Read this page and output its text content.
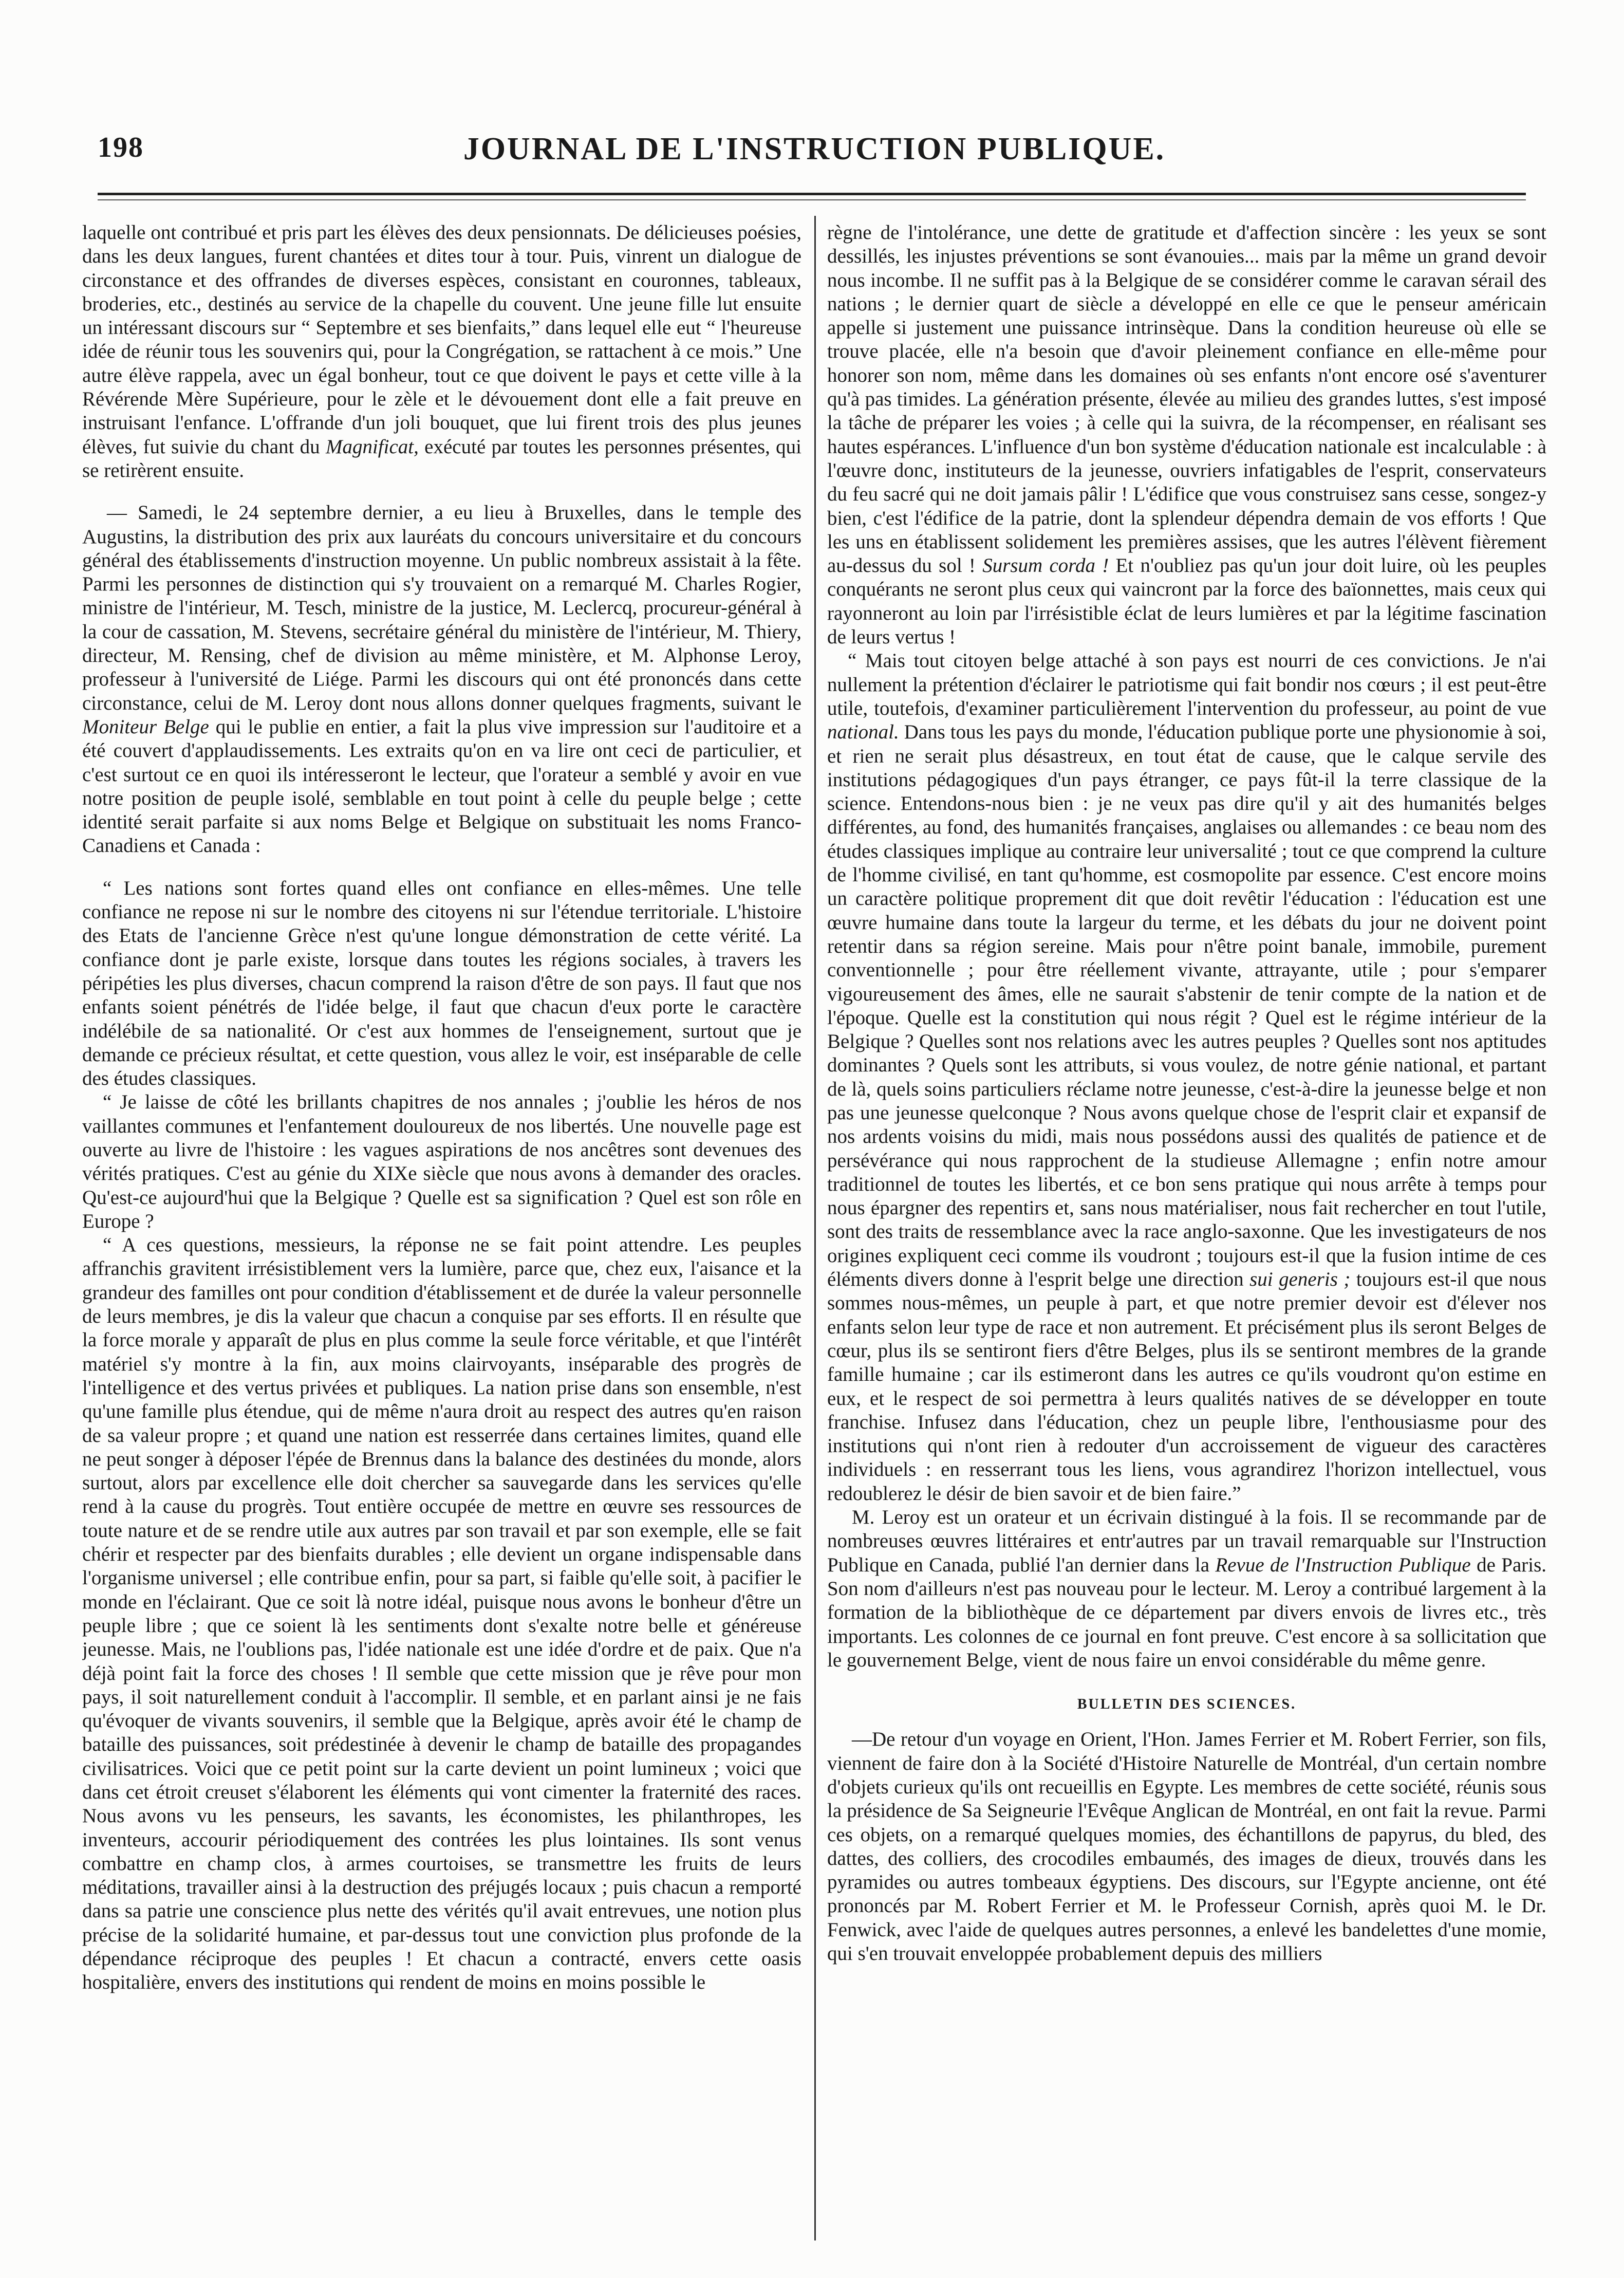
198	JOURNAL DE L'INSTRUCTION PUBLIQUE.

laquelle ont contribué et pris part les élèves des deux pensionnats. De délicieuses poésies, dans les deux langues, furent chantées et dites tour à tour. Puis, vinrent un dialogue de circonstance et des offrandes de diverses espèces, consistant en couronnes, tableaux, broderies, etc., destinés au service de la chapelle du couvent. Une jeune fille lut ensuite un intéressant discours sur “ Septembre et ses bienfaits,” dans lequel elle eut “ l'heureuse idée de réunir tous les souvenirs qui, pour la Congrégation, se rattachent à ce mois.” Une autre élève rappela, avec un égal bonheur, tout ce que doivent le pays et cette ville à la Révérende Mère Supérieure, pour le zèle et le dévouement dont elle a fait preuve en instruisant l'enfance. L'offrande d'un joli bouquet, que lui firent trois des plus jeunes élèves, fut suivie du chant du Magnificat, exécuté par toutes les personnes présentes, qui se retirèrent ensuite.

— Samedi, le 24 septembre dernier, a eu lieu à Bruxelles, dans le temple des Augustins, la distribution des prix aux lauréats du concours universitaire et du concours général des établissements d'instruction moyenne. Un public nombreux assistait à la fête. Parmi les personnes de distinction qui s'y trouvaient on a remarqué M. Charles Rogier, ministre de l'intérieur, M. Tesch, ministre de la justice, M. Leclercq, procureur-général à la cour de cassation, M. Stevens, secrétaire général du ministère de l'intérieur, M. Thiery, directeur, M. Rensing, chef de division au même ministère, et M. Alphonse Leroy, professeur à l'université de Liége. Parmi les discours qui ont été prononcés dans cette circonstance, celui de M. Leroy dont nous allons donner quelques fragments, suivant le Moniteur Belge qui le publie en entier, a fait la plus vive impression sur l'auditoire et a été couvert d'applaudissements. Les extraits qu'on en va lire ont ceci de particulier, et c'est surtout ce en quoi ils intéresseront le lecteur, que l'orateur a semblé y avoir en vue notre position de peuple isolé, semblable en tout point à celle du peuple belge ; cette identité serait parfaite si aux noms Belge et Belgique on substituait les noms Franco-Canadiens et Canada :

“ Les nations sont fortes quand elles ont confiance en elles-mêmes. Une telle confiance ne repose ni sur le nombre des citoyens ni sur l'étendue territoriale. L'histoire des Etats de l'ancienne Grèce n'est qu'une longue démonstration de cette vérité. La confiance dont je parle existe, lorsque dans toutes les régions sociales, à travers les péripéties les plus diverses, chacun comprend la raison d'être de son pays. Il faut que nos enfants soient pénétrés de l'idée belge, il faut que chacun d'eux porte le caractère indélébile de sa nationalité. Or c'est aux hommes de l'enseignement, surtout que je demande ce précieux résultat, et cette question, vous allez le voir, est inséparable de celle des études classiques.

“ Je laisse de côté les brillants chapitres de nos annales ; j'oublie les héros de nos vaillantes communes et l'enfantement douloureux de nos libertés. Une nouvelle page est ouverte au livre de l'histoire : les vagues aspirations de nos ancêtres sont devenues des vérités pratiques. C'est au génie du XIXe siècle que nous avons à demander des oracles. Qu'est-ce aujourd'hui que la Belgique ? Quelle est sa signification ? Quel est son rôle en Europe ?

“ A ces questions, messieurs, la réponse ne se fait point attendre. Les peuples affranchis gravitent irrésistiblement vers la lumière, parce que, chez eux, l'aisance et la grandeur des familles ont pour condition d'établissement et de durée la valeur personnelle de leurs membres, je dis la valeur que chacun a conquise par ses efforts. Il en résulte que la force morale y apparaît de plus en plus comme la seule force véritable, et que l'intérêt matériel s'y montre à la fin, aux moins clairvoyants, inséparable des progrès de l'intelligence et des vertus privées et publiques. La nation prise dans son ensemble, n'est qu'une famille plus étendue, qui de même n'aura droit au respect des autres qu'en raison de sa valeur propre ; et quand une nation est resserrée dans certaines limites, quand elle ne peut songer à déposer l'épée de Brennus dans la balance des destinées du monde, alors surtout, alors par excellence elle doit chercher sa sauvegarde dans les services qu'elle rend à la cause du progrès. Tout entière occupée de mettre en œuvre ses ressources de toute nature et de se rendre utile aux autres par son travail et par son exemple, elle se fait chérir et respecter par des bienfaits durables ; elle devient un organe indispensable dans l'organisme universel ; elle contribue enfin, pour sa part, si faible qu'elle soit, à pacifier le monde en l'éclairant. Que ce soit là notre idéal, puisque nous avons le bonheur d'être un peuple libre ; que ce soient là les sentiments dont s'exalte notre belle et généreuse jeunesse. Mais, ne l'oublions pas, l'idée nationale est une idée d'ordre et de paix. Que n'a déjà point fait la force des choses ! Il semble que cette mission que je rêve pour mon pays, il soit naturellement conduit à l'accomplir. Il semble, et en parlant ainsi je ne fais qu'évoquer de vivants souvenirs, il semble que la Belgique, après avoir été le champ de bataille des puissances, soit prédestinée à devenir le champ de bataille des propagandes civilisatrices. Voici que ce petit point sur la carte devient un point lumineux ; voici que dans cet étroit creuset s'élaborent les éléments qui vont cimenter la fraternité des races. Nous avons vu les penseurs, les savants, les économistes, les philanthropes, les inventeurs, accourir périodiquement des contrées les plus lointaines. Ils sont venus combattre en champ clos, à armes courtoises, se transmettre les fruits de leurs méditations, travailler ainsi à la destruction des préjugés locaux ; puis chacun a remporté dans sa patrie une conscience plus nette des vérités qu'il avait entrevues, une notion plus précise de la solidarité humaine, et par-dessus tout une conviction plus profonde de la dépendance réciproque des peuples ! Et chacun a contracté, envers cette oasis hospitalière, envers des institutions qui rendent de moins en moins possible le

règne de l'intolérance, une dette de gratitude et d'affection sincère : les yeux se sont dessillés, les injustes préventions se sont évanouies... mais par la même un grand devoir nous incombe. Il ne suffit pas à la Belgique de se considérer comme le caravan sérail des nations ; le dernier quart de siècle a développé en elle ce que le penseur américain appelle si justement une puissance intrinsèque. Dans la condition heureuse où elle se trouve placée, elle n'a besoin que d'avoir pleinement confiance en elle-même pour honorer son nom, même dans les domaines où ses enfants n'ont encore osé s'aventurer qu'à pas timides. La génération présente, élevée au milieu des grandes luttes, s'est imposé la tâche de préparer les voies ; à celle qui la suivra, de la récompenser, en réalisant ses hautes espérances. L'influence d'un bon système d'éducation nationale est incalculable : à l'œuvre donc, instituteurs de la jeunesse, ouvriers infatigables de l'esprit, conservateurs du feu sacré qui ne doit jamais pâlir ! L'édifice que vous construisez sans cesse, songez-y bien, c'est l'édifice de la patrie, dont la splendeur dépendra demain de vos efforts ! Que les uns en établissent solidement les premières assises, que les autres l'élèvent fièrement au-dessus du sol ! Sursum corda ! Et n'oubliez pas qu'un jour doit luire, où les peuples conquérants ne seront plus ceux qui vaincront par la force des baïonnettes, mais ceux qui rayonneront au loin par l'irrésistible éclat de leurs lumières et par la légitime fascination de leurs vertus !

“ Mais tout citoyen belge attaché à son pays est nourri de ces convictions. Je n'ai nullement la prétention d'éclairer le patriotisme qui fait bondir nos cœurs ; il est peut-être utile, toutefois, d'examiner particulièrement l'intervention du professeur, au point de vue national. Dans tous les pays du monde, l'éducation publique porte une physionomie à soi, et rien ne serait plus désastreux, en tout état de cause, que le calque servile des institutions pédagogiques d'un pays étranger, ce pays fût-il la terre classique de la science. Entendons-nous bien : je ne veux pas dire qu'il y ait des humanités belges différentes, au fond, des humanités françaises, anglaises ou allemandes : ce beau nom des études classiques implique au contraire leur universalité ; tout ce que comprend la culture de l'homme civilisé, en tant qu'homme, est cosmopolite par essence. C'est encore moins un caractère politique proprement dit que doit revêtir l'éducation : l'éducation est une œuvre humaine dans toute la largeur du terme, et les débats du jour ne doivent point retentir dans sa région sereine. Mais pour n'être point banale, immobile, purement conventionnelle ; pour être réellement vivante, attrayante, utile ; pour s'emparer vigoureusement des âmes, elle ne saurait s'abstenir de tenir compte de la nation et de l'époque. Quelle est la constitution qui nous régit ? Quel est le régime intérieur de la Belgique ? Quelles sont nos relations avec les autres peuples ? Quelles sont nos aptitudes dominantes ? Quels sont les attributs, si vous voulez, de notre génie national, et partant de là, quels soins particuliers réclame notre jeunesse, c'est-à-dire la jeunesse belge et non pas une jeunesse quelconque ? Nous avons quelque chose de l'esprit clair et expansif de nos ardents voisins du midi, mais nous possédons aussi des qualités de patience et de persévérance qui nous rapprochent de la studieuse Allemagne ; enfin notre amour traditionnel de toutes les libertés, et ce bon sens pratique qui nous arrête à temps pour nous épargner des repentirs et, sans nous matérialiser, nous fait rechercher en tout l'utile, sont des traits de ressemblance avec la race anglo-saxonne. Que les investigateurs de nos origines expliquent ceci comme ils voudront ; toujours est-il que la fusion intime de ces éléments divers donne à l'esprit belge une direction sui generis ; toujours est-il que nous sommes nous-mêmes, un peuple à part, et que notre premier devoir est d'élever nos enfants selon leur type de race et non autrement. Et précisément plus ils seront Belges de cœur, plus ils se sentiront fiers d'être Belges, plus ils se sentiront membres de la grande famille humaine ; car ils estimeront dans les autres ce qu'ils voudront qu'on estime en eux, et le respect de soi permettra à leurs qualités natives de se développer en toute franchise. Infusez dans l'éducation, chez un peuple libre, l'enthousiasme pour des institutions qui n'ont rien à redouter d'un accroissement de vigueur des caractères individuels : en resserrant tous les liens, vous agrandirez l'horizon intellectuel, vous redoublerez le désir de bien savoir et de bien faire.”

M. Leroy est un orateur et un écrivain distingué à la fois. Il se recommande par de nombreuses œuvres littéraires et entr'autres par un travail remarquable sur l'Instruction Publique en Canada, publié l'an dernier dans la Revue de l'Instruction Publique de Paris. Son nom d'ailleurs n'est pas nouveau pour le lecteur. M. Leroy a contribué largement à la formation de la bibliothèque de ce département par divers envois de livres etc., très importants. Les colonnes de ce journal en font preuve. C'est encore à sa sollicitation que le gouvernement Belge, vient de nous faire un envoi considérable du même genre.

BULLETIN DES SCIENCES.

—De retour d'un voyage en Orient, l'Hon. James Ferrier et M. Robert Ferrier, son fils, viennent de faire don à la Société d'Histoire Naturelle de Montréal, d'un certain nombre d'objets curieux qu'ils ont recueillis en Egypte. Les membres de cette société, réunis sous la présidence de Sa Seigneurie l'Evêque Anglican de Montréal, en ont fait la revue. Parmi ces objets, on a remarqué quelques momies, des échantillons de papyrus, du bled, des dattes, des colliers, des crocodiles embaumés, des images de dieux, trouvés dans les pyramides ou autres tombeaux égyptiens. Des discours, sur l'Egypte ancienne, ont été prononcés par M. Robert Ferrier et M. le Professeur Cornish, après quoi M. le Dr. Fenwick, avec l'aide de quelques autres personnes, a enlevé les bandelettes d'une momie, qui s'en trouvait enveloppée probablement depuis des milliers
